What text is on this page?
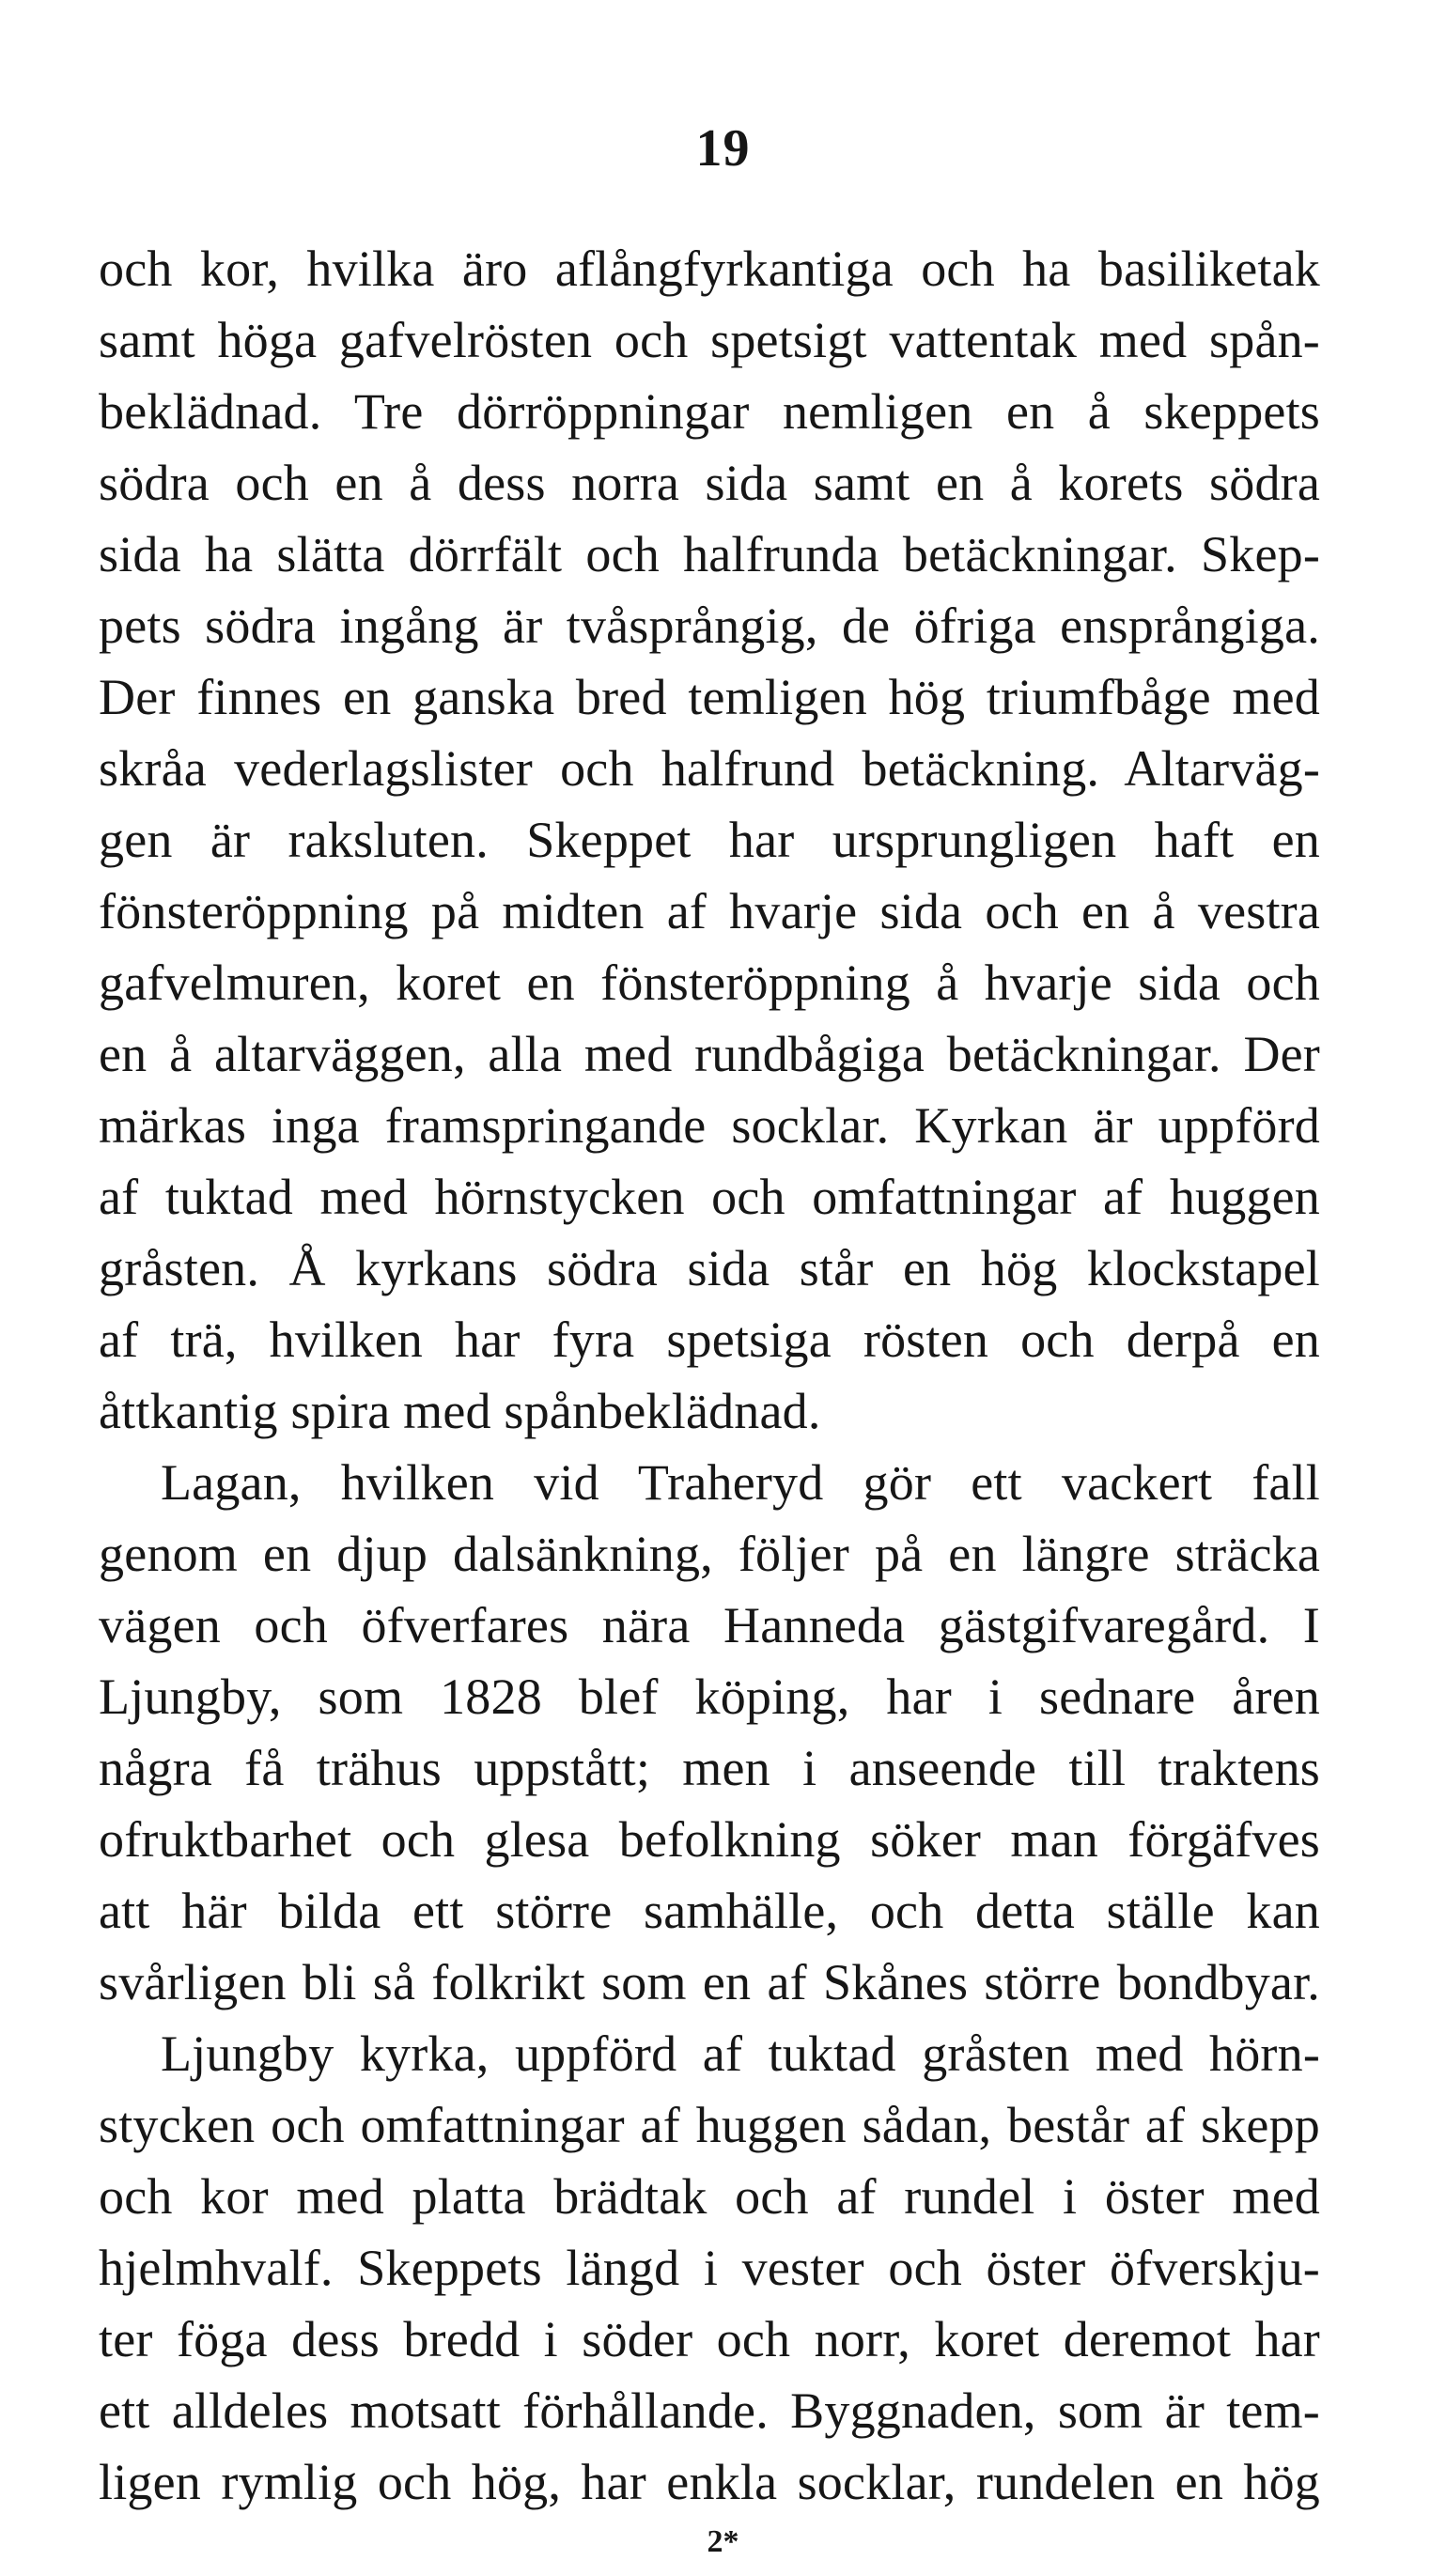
19
och kor, hvilka äro aflångfyrkantiga och ha basiliketak
samt höga gafvelrösten och spetsigt vattentak med spån-
beklädnad. Tre dörröppningar nemligen en å skeppets
södra och en å dess norra sida samt en å korets södra
sida ha slätta dörrfält och halfrunda betäckningar. Skep-
pets södra ingång är tvåsprångig, de öfriga ensprångiga.
Der finnes en ganska bred temligen hög triumfbåge med
skråa vederlagslister och halfrund betäckning. Altarväg-
gen är raksluten. Skeppet har ursprungligen haft en
fönsteröppning på midten af hvarje sida och en å vestra
gafvelmuren, koret en fönsteröppning å hvarje sida och
en å altarväggen, alla med rundbågiga betäckningar. Der
märkas inga framspringande socklar. Kyrkan är uppförd
af tuktad med hörnstycken och omfattningar af huggen
gråsten. Å kyrkans södra sida står en hög klockstapel
af trä, hvilken har fyra spetsiga rösten och derpå en
åttkantig spira med spånbeklädnad.
Lagan, hvilken vid Traheryd gör ett vackert fall
genom en djup dalsänkning, följer på en längre sträcka
vägen och öfverfares nära Hanneda gästgifvaregård. I
Ljungby, som 1828 blef köping, har i sednare åren
några få trähus uppstått; men i anseende till traktens
ofruktbarhet och glesa befolkning söker man förgäfves
att här bilda ett större samhälle, och detta ställe kan
svårligen bli så folkrikt som en af Skånes större bondbyar.
Ljungby kyrka, uppförd af tuktad gråsten med hörn-
stycken och omfattningar af huggen sådan, består af skepp
och kor med platta brädtak och af rundel i öster med
hjelmhvalf. Skeppets längd i vester och öster öfverskju-
ter föga dess bredd i söder och norr, koret deremot har
ett alldeles motsatt förhållande. Byggnaden, som är tem-
ligen rymlig och hög, har enkla socklar, rundelen en hög
2*
